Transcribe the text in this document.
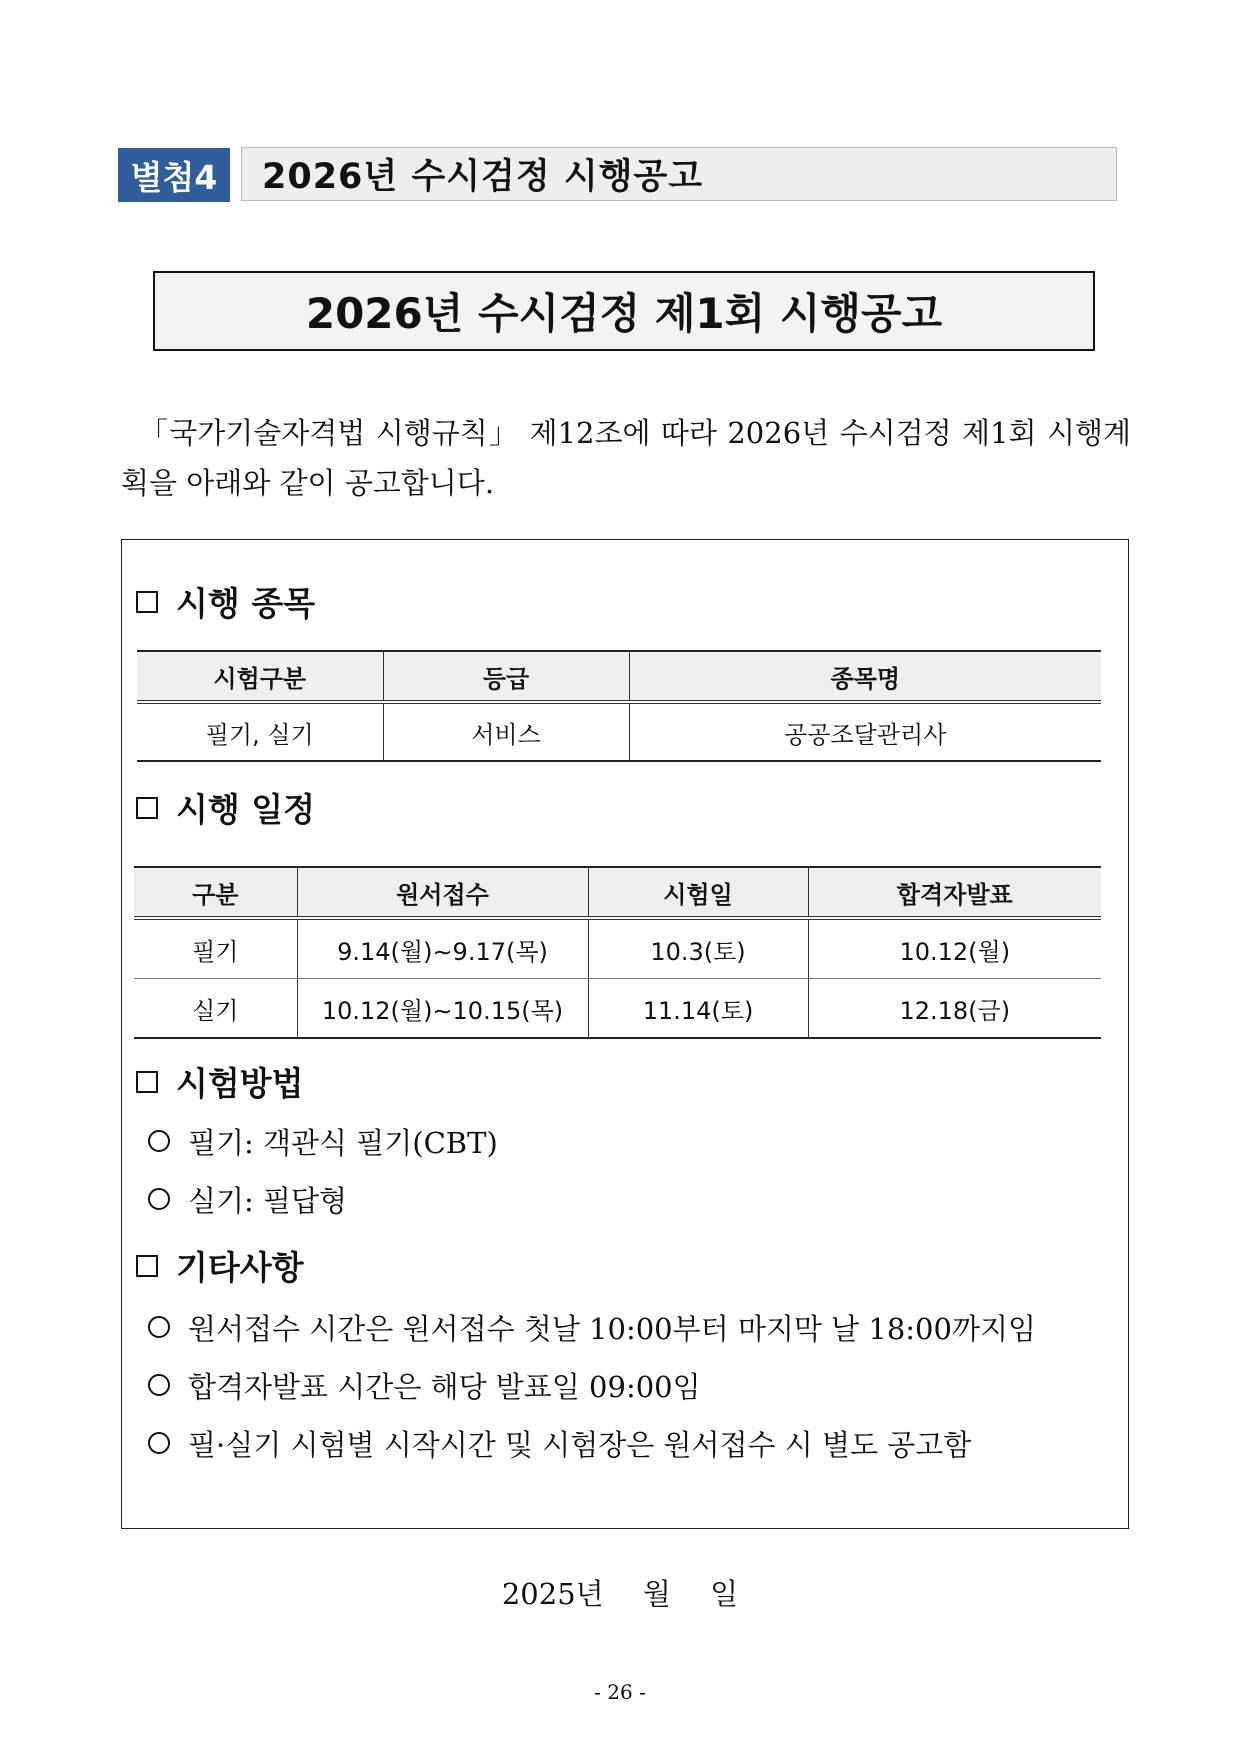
별첨4	2026년 수시검정 시행공고
2026년 수시검정 제1회 시행공고

「국가기술자격법 시행규칙」 제12조에 따라 2026년 수시검정 제1회 시행계획을 아래와 같이 공고합니다.

시행 종목
시험구분	등급	종목명
필기, 실기	서비스	공공조달관리사
시행 일정
구분	원서접수	시험일	합격자발표
필기	9.14(월)∼9.17(목)	10.3(토)	10.12(월)
실기	10.12(월)∼10.15(목)	11.14(토)	12.18(금)
시험방법
필기: 객관식 필기(CBT)
실기: 필답형
기타사항
원서접수 시간은 원서접수 첫날 10:00부터 마지막 날 18:00까지임
합격자발표 시간은 해당 발표일 09:00임
필·실기 시험별 시작시간 및 시험장은 원서접수 시 별도 공고함
2025년 월 일
- 26 -
